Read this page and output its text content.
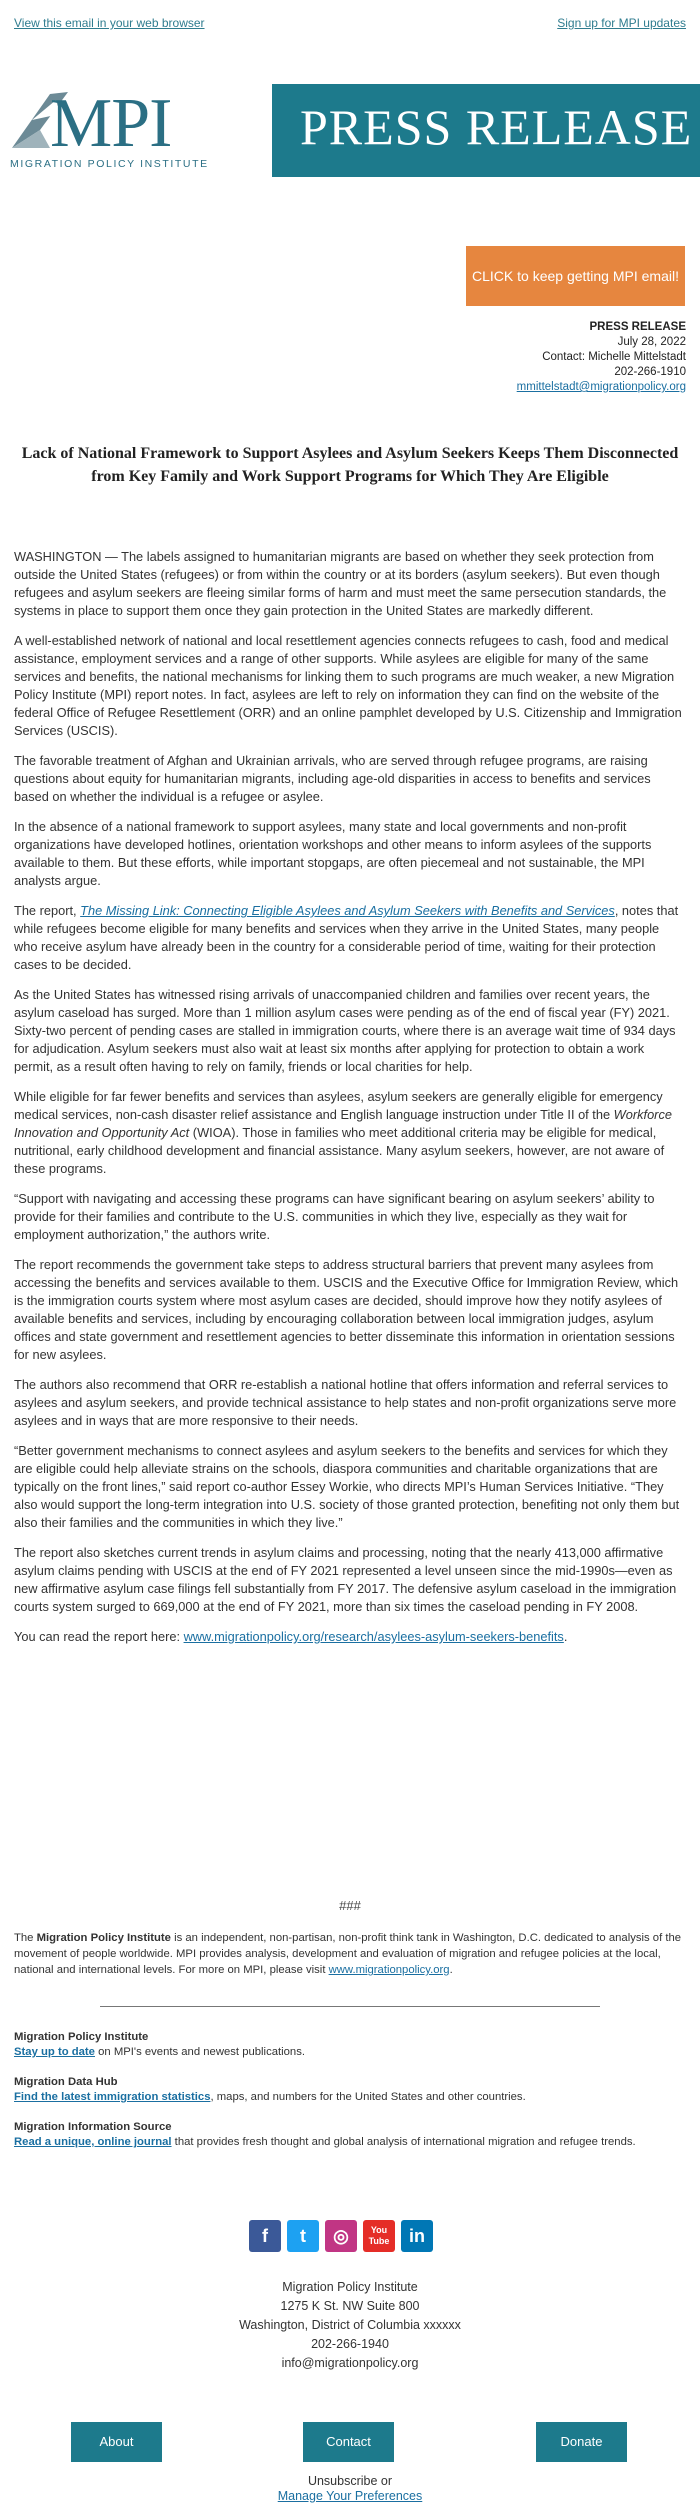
View this email in your web browser	Sign up for MPI updates
MPI
MIGRATION POLICY INSTITUTE
PRESS RELEASE
CLICK to keep getting MPI email!
PRESS RELEASE
July 28, 2022
Contact: Michelle Mittelstadt
202-266-1910
mmittelstadt@migrationpolicy.org
Lack of National Framework to Support Asylees and Asylum Seekers Keeps Them Disconnected from Key Family and Work Support Programs for Which They Are Eligible

WASHINGTON — The labels assigned to humanitarian migrants are based on whether they seek protection from outside the United States (refugees) or from within the country or at its borders (asylum seekers). But even though refugees and asylum seekers are fleeing similar forms of harm and must meet the same persecution standards, the systems in place to support them once they gain protection in the United States are markedly different.

A well-established network of national and local resettlement agencies connects refugees to cash, food and medical assistance, employment services and a range of other supports. While asylees are eligible for many of the same services and benefits, the national mechanisms for linking them to such programs are much weaker, a new Migration Policy Institute (MPI) report notes. In fact, asylees are left to rely on information they can find on the website of the federal Office of Refugee Resettlement (ORR) and an online pamphlet developed by U.S. Citizenship and Immigration Services (USCIS).

The favorable treatment of Afghan and Ukrainian arrivals, who are served through refugee programs, are raising questions about equity for humanitarian migrants, including age-old disparities in access to benefits and services based on whether the individual is a refugee or asylee.

In the absence of a national framework to support asylees, many state and local governments and non-profit organizations have developed hotlines, orientation workshops and other means to inform asylees of the supports available to them. But these efforts, while important stopgaps, are often piecemeal and not sustainable, the MPI analysts argue.

The report, The Missing Link: Connecting Eligible Asylees and Asylum Seekers with Benefits and Services, notes that while refugees become eligible for many benefits and services when they arrive in the United States, many people who receive asylum have already been in the country for a considerable period of time, waiting for their protection cases to be decided.

As the United States has witnessed rising arrivals of unaccompanied children and families over recent years, the asylum caseload has surged. More than 1 million asylum cases were pending as of the end of fiscal year (FY) 2021. Sixty-two percent of pending cases are stalled in immigration courts, where there is an average wait time of 934 days for adjudication. Asylum seekers must also wait at least six months after applying for protection to obtain a work permit, as a result often having to rely on family, friends or local charities for help.

While eligible for far fewer benefits and services than asylees, asylum seekers are generally eligible for emergency medical services, non-cash disaster relief assistance and English language instruction under Title II of the Workforce Innovation and Opportunity Act (WIOA). Those in families who meet additional criteria may be eligible for medical, nutritional, early childhood development and financial assistance. Many asylum seekers, however, are not aware of these programs.

“Support with navigating and accessing these programs can have significant bearing on asylum seekers’ ability to provide for their families and contribute to the U.S. communities in which they live, especially as they wait for employment authorization,” the authors write.

The report recommends the government take steps to address structural barriers that prevent many asylees from accessing the benefits and services available to them. USCIS and the Executive Office for Immigration Review, which is the immigration courts system where most asylum cases are decided, should improve how they notify asylees of available benefits and services, including by encouraging collaboration between local immigration judges, asylum offices and state government and resettlement agencies to better disseminate this information in orientation sessions for new asylees.

The authors also recommend that ORR re-establish a national hotline that offers information and referral services to asylees and asylum seekers, and provide technical assistance to help states and non-profit organizations serve more asylees and in ways that are more responsive to their needs.

“Better government mechanisms to connect asylees and asylum seekers to the benefits and services for which they are eligible could help alleviate strains on the schools, diaspora communities and charitable organizations that are typically on the front lines,” said report co-author Essey Workie, who directs MPI’s Human Services Initiative. “They also would support the long-term integration into U.S. society of those granted protection, benefiting not only them but also their families and the communities in which they live.”

The report also sketches current trends in asylum claims and processing, noting that the nearly 413,000 affirmative asylum claims pending with USCIS at the end of FY 2021 represented a level unseen since the mid-1990s—even as new affirmative asylum case filings fell substantially from FY 2017. The defensive asylum caseload in the immigration courts system surged to 669,000 at the end of FY 2021, more than six times the caseload pending in FY 2008.

You can read the report here: www.migrationpolicy.org/research/asylees-asylum-seekers-benefits.

###
The Migration Policy Institute is an independent, non-partisan, non-profit think tank in Washington, D.C. dedicated to analysis of the movement of people worldwide. MPI provides analysis, development and evaluation of migration and refugee policies at the local, national and international levels. For more on MPI, please visit www.migrationpolicy.org.
Migration Policy Institute
Stay up to date on MPI's events and newest publications.
Migration Data Hub
Find the latest immigration statistics, maps, and numbers for the United States and other countries.
Migration Information Source
Read a unique, online journal that provides fresh thought and global analysis of international migration and refugee trends.
f t ◎ You Tube in
Migration Policy Institute
1275 K St. NW Suite 800
Washington, District of Columbia xxxxxx
202-266-1940
info@migrationpolicy.org
About	Contact	Donate
Unsubscribe or
Manage Your Preferences
